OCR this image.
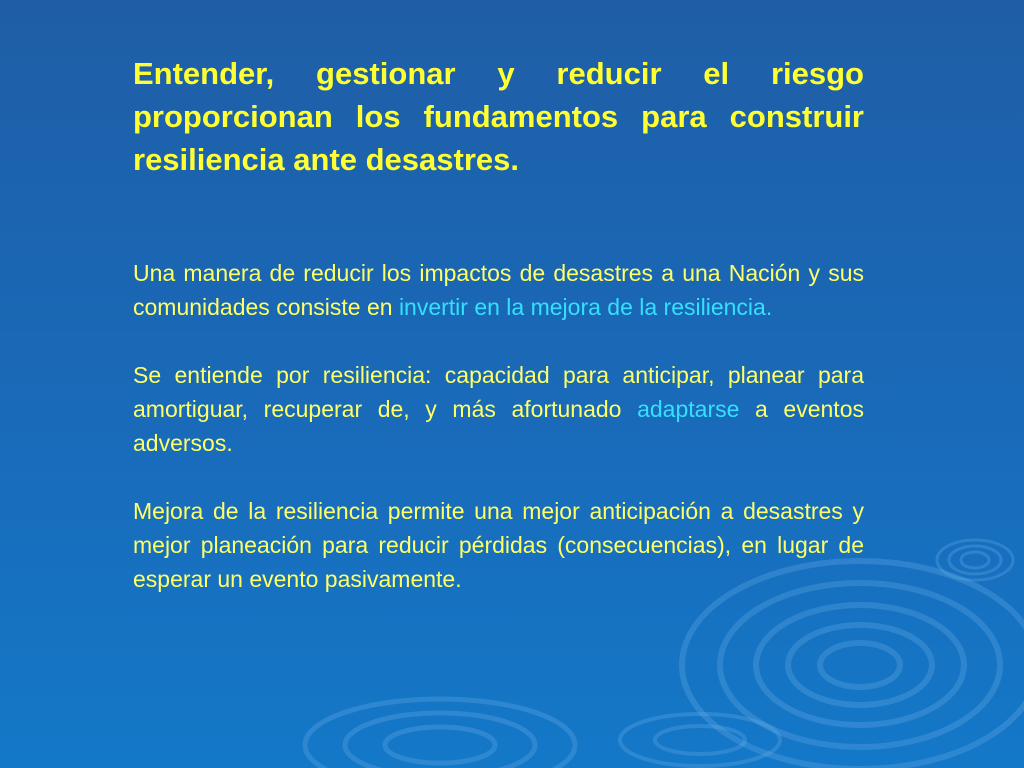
Entender, gestionar y reducir el riesgo proporcionan los fundamentos para construir resiliencia ante desastres.

Una manera de reducir los impactos de desastres a una Nación y sus comunidades consiste en invertir en la mejora de la resiliencia.

Se entiende por resiliencia: capacidad para anticipar, planear para amortiguar, recuperar de, y más afortunado adaptarse a eventos adversos.

Mejora de la resiliencia permite una mejor anticipación a desastres y mejor planeación para reducir pérdidas (consecuencias), en lugar de esperar un evento pasivamente.
